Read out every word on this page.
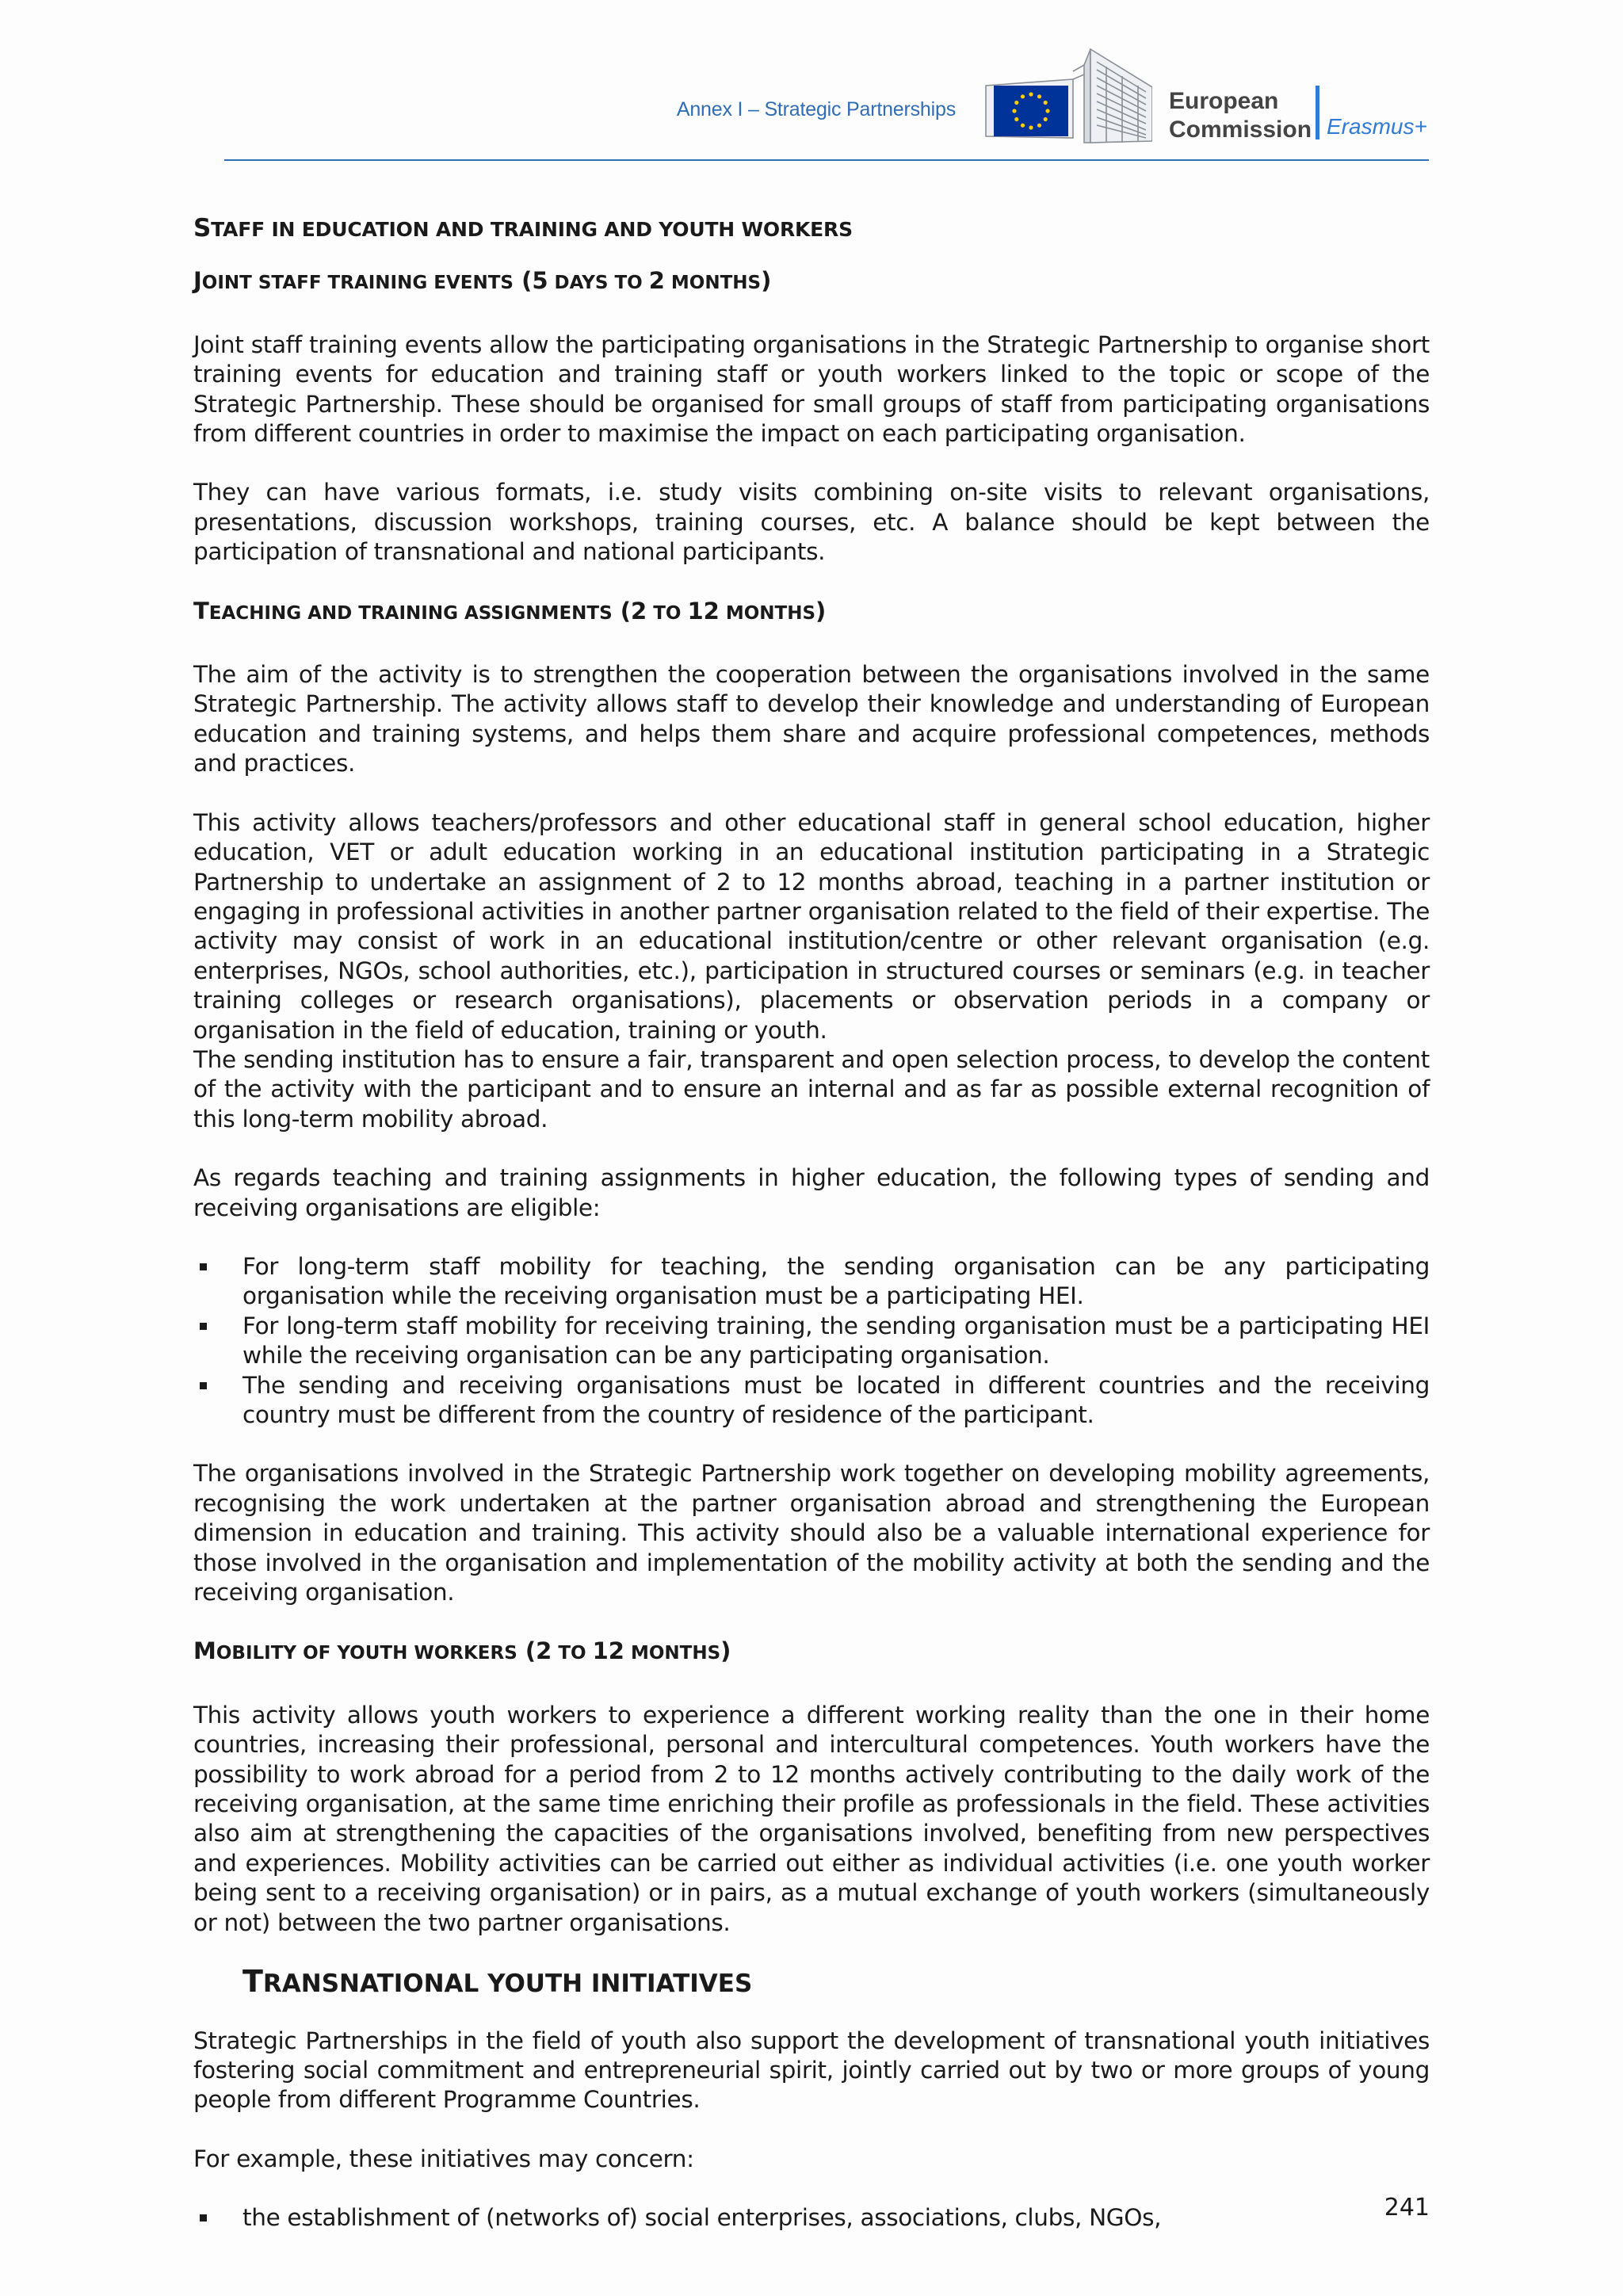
Annex I – Strategic Partnerships	European
Commission Erasmus+
STAFF IN EDUCATION AND TRAINING AND YOUTH WORKERS
JOINT STAFF TRAINING EVENTS (5 DAYS TO 2 MONTHS)
Joint staff training events allow the participating organisations in the Strategic Partnership to organise short training events for education and training staff or youth workers linked to the topic or scope of the Strategic Partnership. These should be organised for small groups of staff from participating organisations from different countries in order to maximise the impact on each participating organisation.
They can have various formats, i.e. study visits combining on-site visits to relevant organisations, presentations, discussion workshops, training courses, etc. A balance should be kept between the participation of transnational and national participants.
TEACHING AND TRAINING ASSIGNMENTS (2 TO 12 MONTHS)
The aim of the activity is to strengthen the cooperation between the organisations involved in the same Strategic Partnership. The activity allows staff to develop their knowledge and understanding of European education and training systems, and helps them share and acquire professional competences, methods and practices.
This activity allows teachers/professors and other educational staff in general school education, higher education, VET or adult education working in an educational institution participating in a Strategic Partnership to undertake an assignment of 2 to 12 months abroad, teaching in a partner institution or engaging in professional activities in another partner organisation related to the field of their expertise. The activity may consist of work in an educational institution/centre or other relevant organisation (e.g. enterprises, NGOs, school authorities, etc.), participation in structured courses or seminars (e.g. in teacher training colleges or research organisations), placements or observation periods in a company or organisation in the field of education, training or youth.
The sending institution has to ensure a fair, transparent and open selection process, to develop the content of the activity with the participant and to ensure an internal and as far as possible external recognition of this long-term mobility abroad.
As regards teaching and training assignments in higher education, the following types of sending and receiving organisations are eligible:
For long-term staff mobility for teaching, the sending organisation can be any participating organisation while the receiving organisation must be a participating HEI.
For long-term staff mobility for receiving training, the sending organisation must be a participating HEI while the receiving organisation can be any participating organisation.
The sending and receiving organisations must be located in different countries and the receiving country must be different from the country of residence of the participant.
The organisations involved in the Strategic Partnership work together on developing mobility agreements, recognising the work undertaken at the partner organisation abroad and strengthening the European dimension in education and training. This activity should also be a valuable international experience for those involved in the organisation and implementation of the mobility activity at both the sending and the receiving organisation.
MOBILITY OF YOUTH WORKERS (2 TO 12 MONTHS)
This activity allows youth workers to experience a different working reality than the one in their home countries, increasing their professional, personal and intercultural competences. Youth workers have the possibility to work abroad for a period from 2 to 12 months actively contributing to the daily work of the receiving organisation, at the same time enriching their profile as professionals in the field. These activities also aim at strengthening the capacities of the organisations involved, benefiting from new perspectives and experiences. Mobility activities can be carried out either as individual activities (i.e. one youth worker being sent to a receiving organisation) or in pairs, as a mutual exchange of youth workers (simultaneously or not) between the two partner organisations.
TRANSNATIONAL YOUTH INITIATIVES
Strategic Partnerships in the field of youth also support the development of transnational youth initiatives fostering social commitment and entrepreneurial spirit, jointly carried out by two or more groups of young people from different Programme Countries.
For example, these initiatives may concern:
the establishment of (networks of) social enterprises, associations, clubs, NGOs,	241
